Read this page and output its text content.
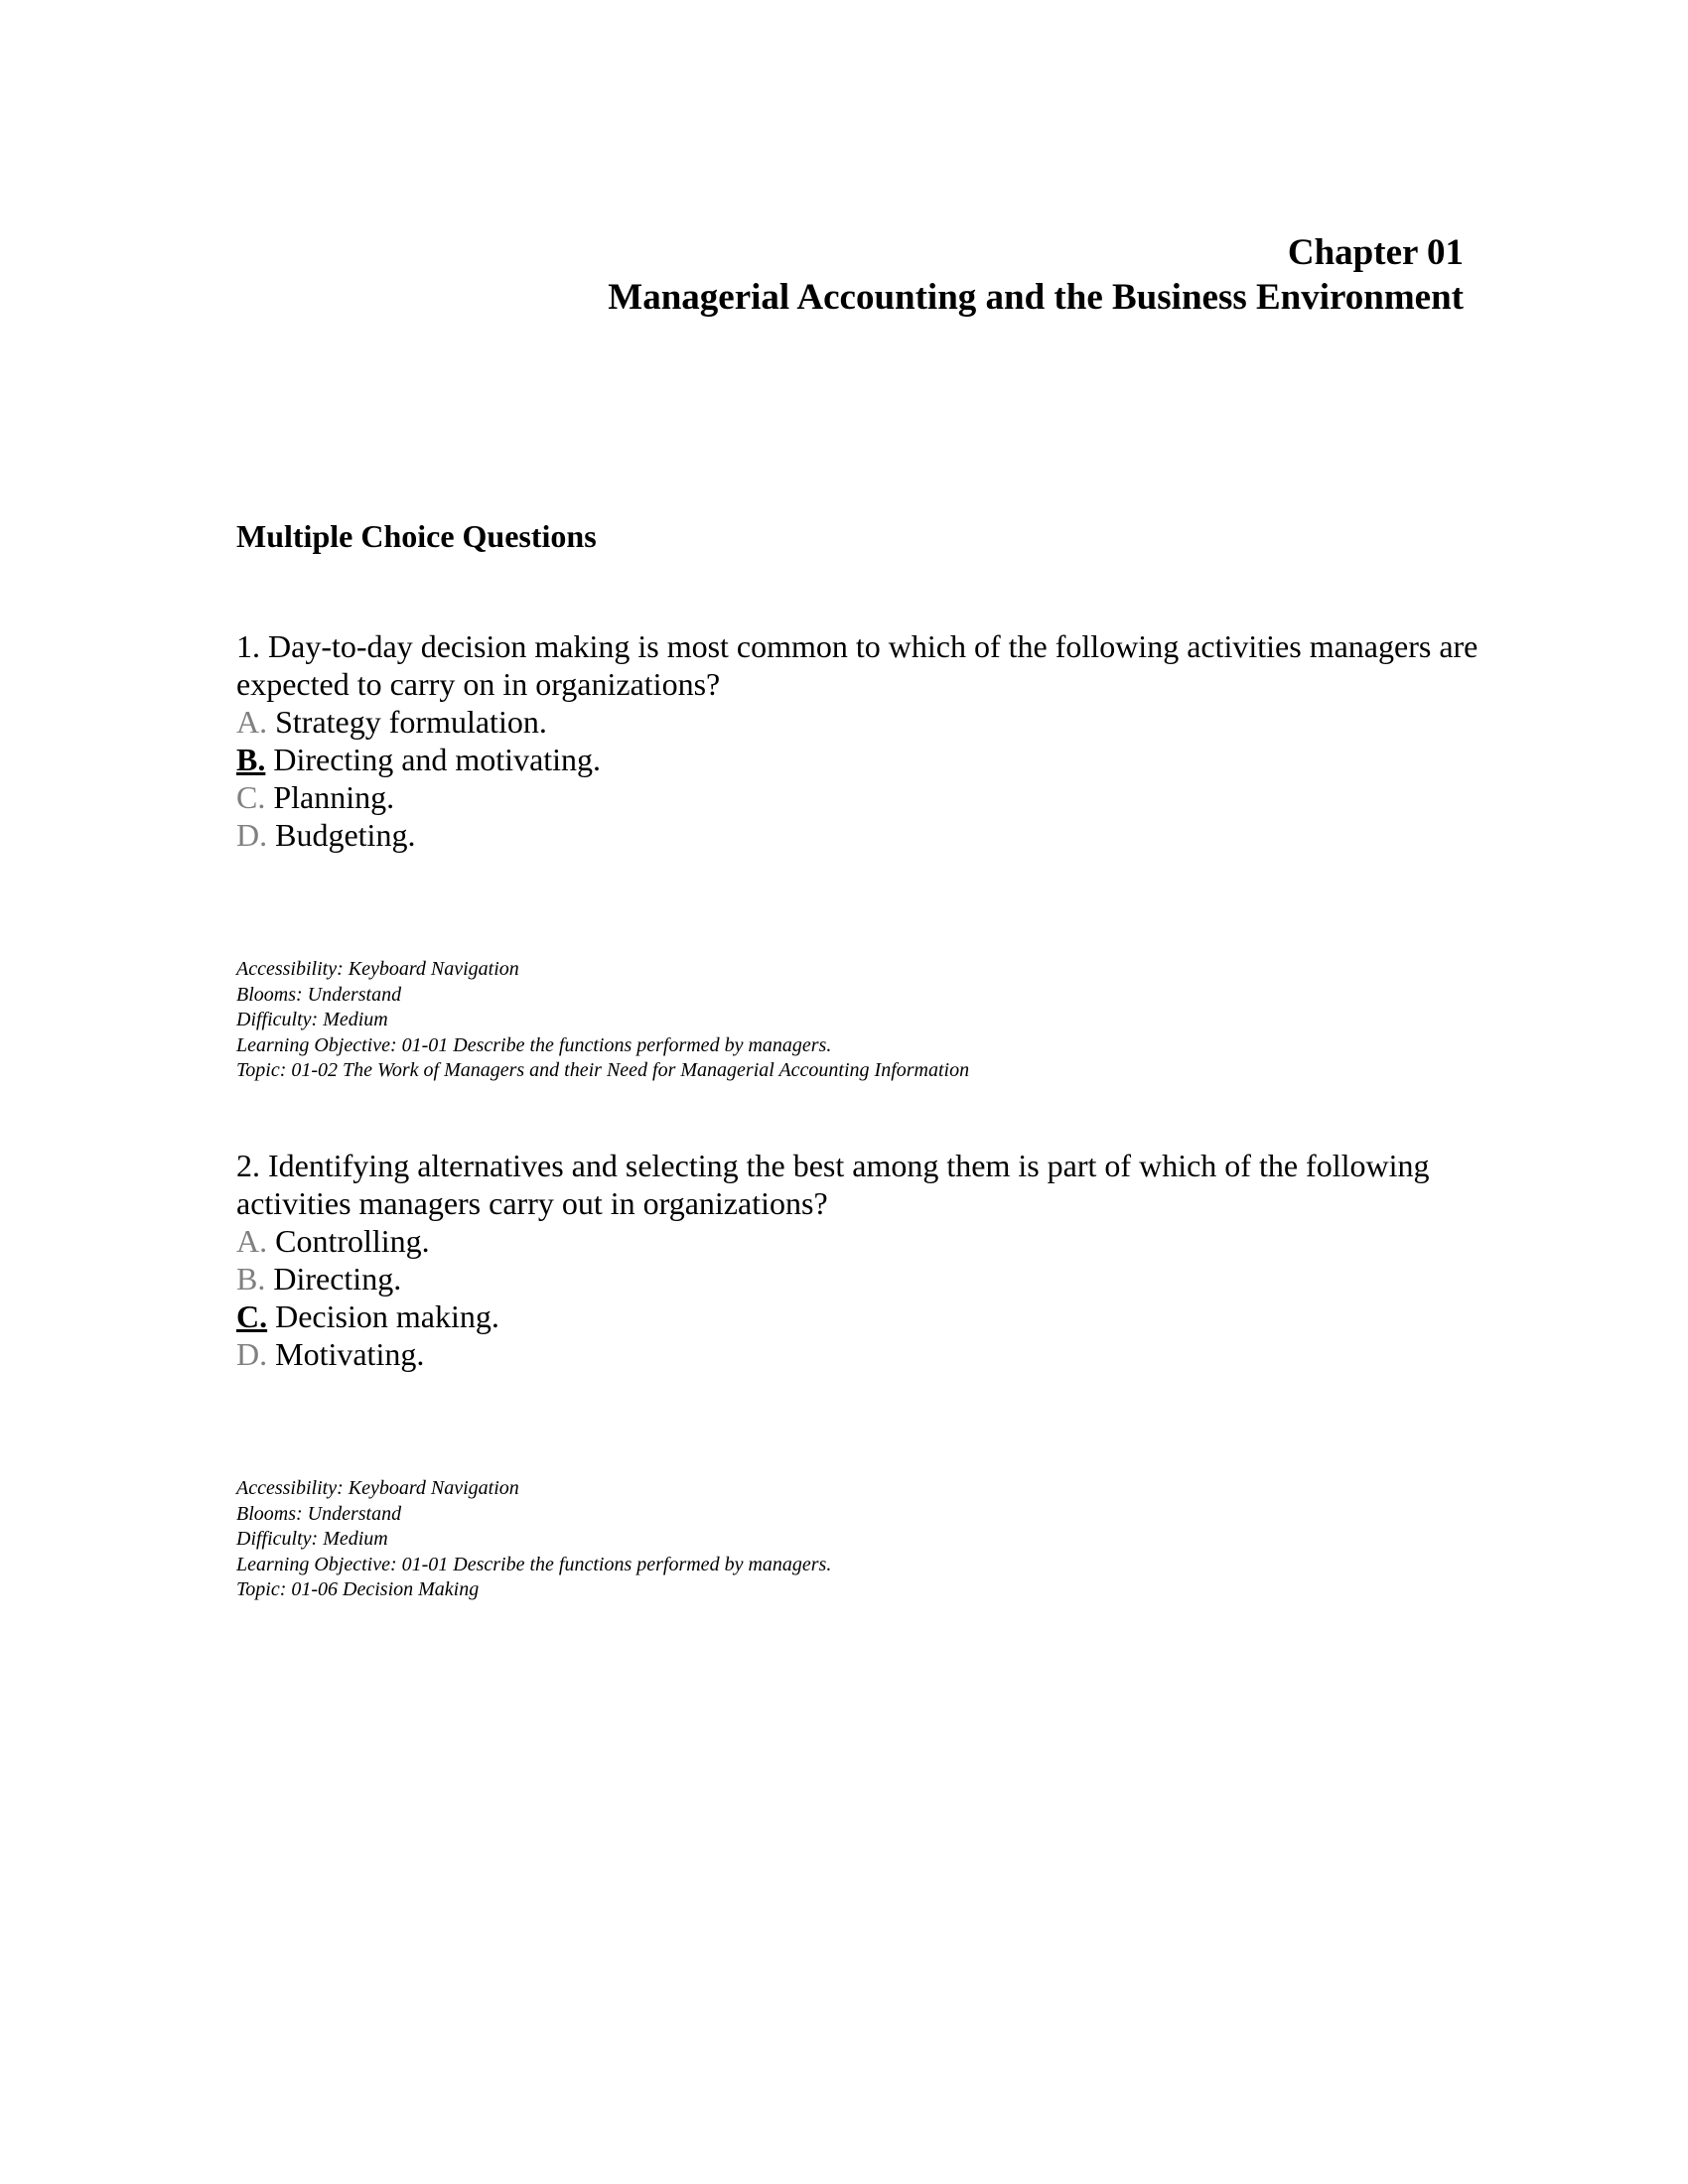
Chapter 01
Managerial Accounting and the Business Environment
Multiple Choice Questions

1. Day-to-day decision making is most common to which of the following activities managers are expected to carry on in organizations?

A. Strategy formulation.
B. Directing and motivating.
C. Planning.
D. Budgeting.
Accessibility: Keyboard Navigation
Blooms: Understand
Difficulty: Medium
Learning Objective: 01-01 Describe the functions performed by managers.
Topic: 01-02 The Work of Managers and their Need for Managerial Accounting Information

2. Identifying alternatives and selecting the best among them is part of which of the following activities managers carry out in organizations?

A. Controlling.
B. Directing.
C. Decision making.
D. Motivating.
Accessibility: Keyboard Navigation
Blooms: Understand
Difficulty: Medium
Learning Objective: 01-01 Describe the functions performed by managers.
Topic: 01-06 Decision Making
